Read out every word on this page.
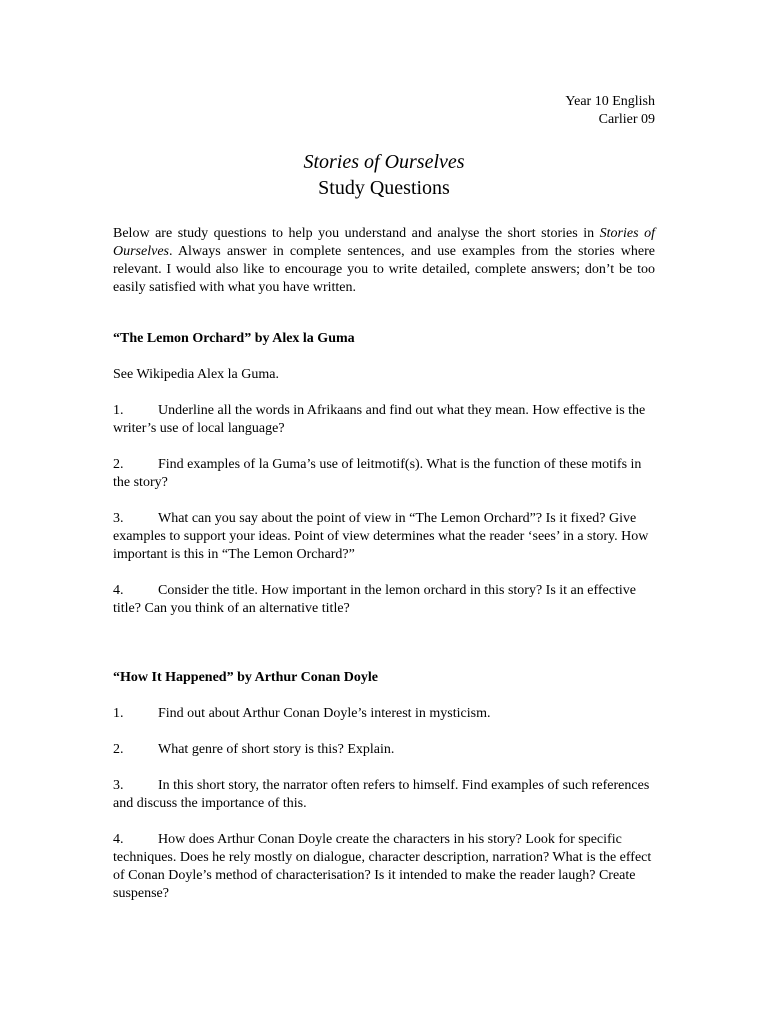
Year 10 English
Carlier 09
Stories of Ourselves
Study Questions
Below are study questions to help you understand and analyse the short stories in Stories of Ourselves. Always answer in complete sentences, and use examples from the stories where relevant. I would also like to encourage you to write detailed, complete answers; don’t be too easily satisfied with what you have written.
“The Lemon Orchard” by Alex la Guma
See Wikipedia Alex la Guma.
1. Underline all the words in Afrikaans and find out what they mean. How effective is the writer’s use of local language?
2. Find examples of la Guma’s use of leitmotif(s). What is the function of these motifs in the story?
3. What can you say about the point of view in “The Lemon Orchard”? Is it fixed? Give examples to support your ideas. Point of view determines what the reader ‘sees’ in a story. How important is this in “The Lemon Orchard?”
4. Consider the title. How important in the lemon orchard in this story? Is it an effective title? Can you think of an alternative title?
“How It Happened” by Arthur Conan Doyle
1. Find out about Arthur Conan Doyle’s interest in mysticism.
2. What genre of short story is this? Explain.
3. In this short story, the narrator often refers to himself. Find examples of such references and discuss the importance of this.
4. How does Arthur Conan Doyle create the characters in his story? Look for specific techniques. Does he rely mostly on dialogue, character description, narration? What is the effect of Conan Doyle’s method of characterisation? Is it intended to make the reader laugh? Create suspense?
